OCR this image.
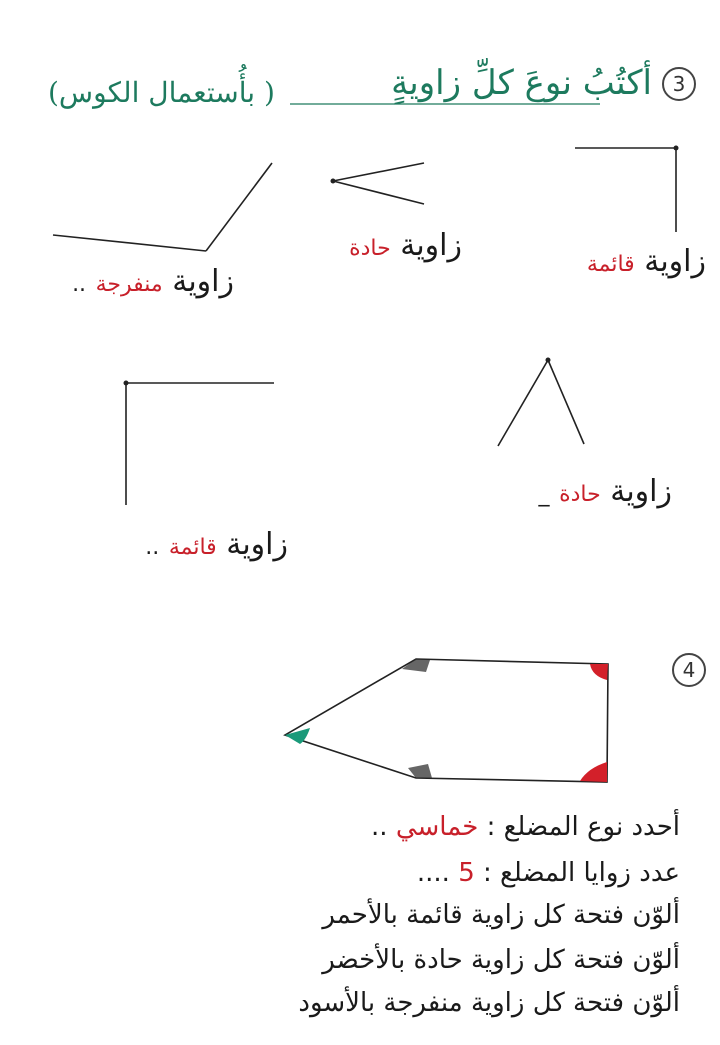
3
أكتُبُ نوعَ كلِّ زاويةٍ
( بأُستعمال الكوس)
زاوية قائمة
زاوية حادة
زاوية منفرجة ..
زاوية حادة _
زاوية قائمة ..
4
أحدد نوع المضلع : خماسي ..
عدد زوايا المضلع : 5 ....
ألوّن فتحة كل زاوية قائمة بالأحمر
ألوّن فتحة كل زاوية حادة بالأخضر
ألوّن فتحة كل زاوية منفرجة بالأسود
